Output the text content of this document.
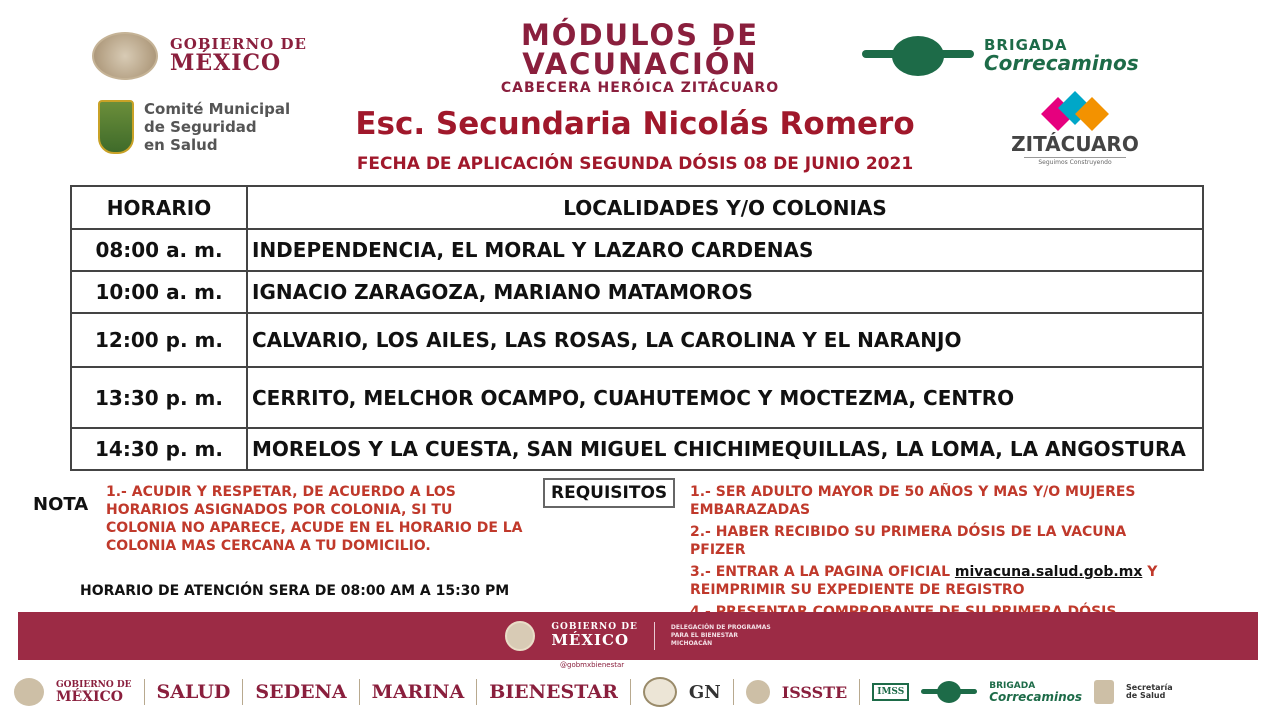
GOBIERNO DE
MÉXICO
MÓDULOS DE
VACUNACIÓN
CABECERA HERÓICA ZITÁCUARO
BRIGADA
Correcaminos
Comité Municipal
de Seguridad
en Salud
Esc. Secundaria Nicolás Romero
FECHA DE APLICACIÓN SEGUNDA DÓSIS 08 DE JUNIO 2021
ZITÁCUARO
Seguimos Construyendo
HORARIO	LOCALIDADES Y/O COLONIAS
08:00 a. m.	INDEPENDENCIA, EL MORAL Y LAZARO CARDENAS
10:00 a. m.	IGNACIO ZARAGOZA, MARIANO MATAMOROS
12:00 p. m.	CALVARIO, LOS AILES, LAS ROSAS, LA CAROLINA Y EL NARANJO
13:30 p. m.	CERRITO, MELCHOR OCAMPO, CUAHUTEMOC Y MOCTEZMA, CENTRO
14:30 p. m.	MORELOS Y LA CUESTA, SAN MIGUEL CHICHIMEQUILLAS, LA LOMA, LA ANGOSTURA
NOTA
1.- ACUDIR Y RESPETAR, DE ACUERDO A LOS HORARIOS ASIGNADOS POR COLONIA, SI TU COLONIA NO APARECE, ACUDE EN EL HORARIO DE LA COLONIA MAS CERCANA A TU DOMICILIO.
HORARIO DE ATENCIÓN SERA DE 08:00 AM A 15:30 PM
REQUISITOS	1.- SER ADULTO MAYOR DE 50 AÑOS Y MAS Y/O MUJERES EMBARAZADAS

2.- HABER RECIBIDO SU PRIMERA DÓSIS DE LA VACUNA PFIZER

3.- ENTRAR A LA PAGINA OFICIAL mivacuna.salud.gob.mx Y REIMPRIMIR SU EXPEDIENTE DE REGISTRO

GOBIERNO DE
MÉXICO
DELEGACIÓN DE PROGRAMAS
PARA EL BIENESTAR
MICHOACÁN
@gobmxbienestar
GOBIERNO DE
MÉXICO	SALUD SEDENA MARINA BIENESTAR	GN	ISSSTE	IMSS
BRIGADA
Correcaminos
Secretaría
de Salud
